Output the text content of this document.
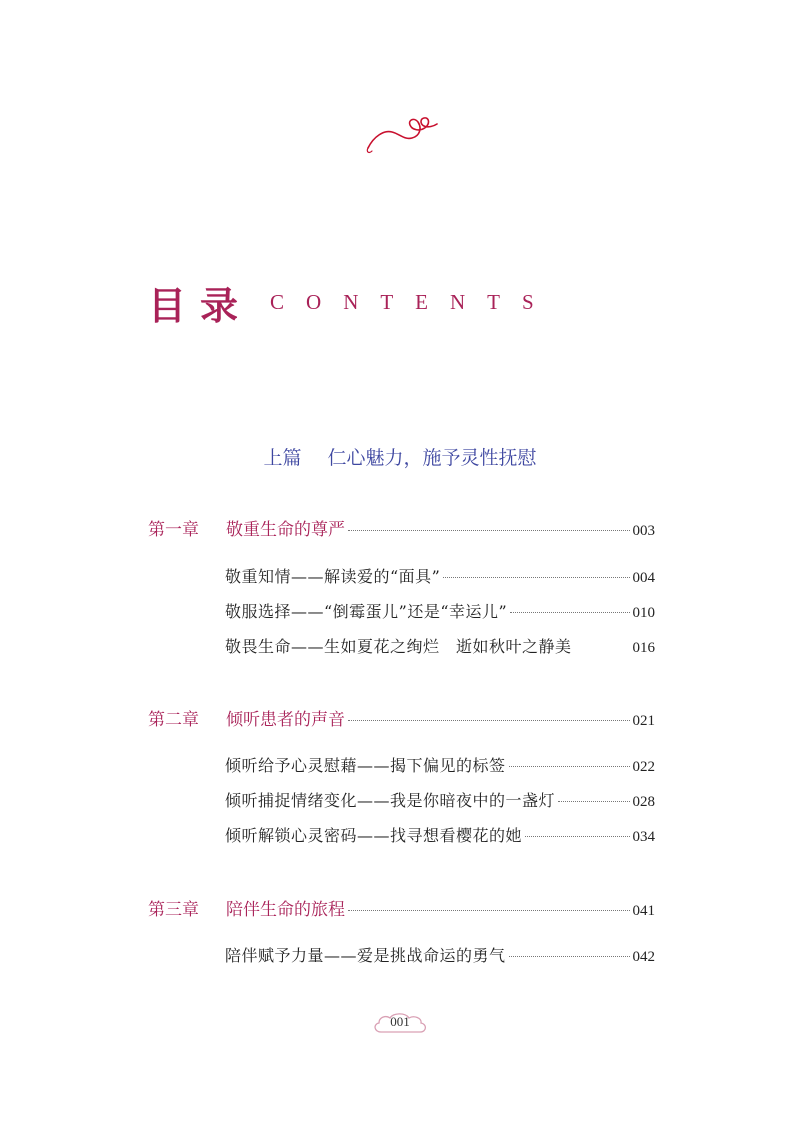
目录 CONTENTS
上篇 仁心魅力，施予灵性抚慰
第一章	敬重生命的尊严	003
敬重知情——解读爱的“面具”	004
敬服选择——“倒霉蛋儿”还是“幸运儿”	010
敬畏生命——生如夏花之绚烂　逝如秋叶之静美	016
第二章	倾听患者的声音	021
倾听给予心灵慰藉——揭下偏见的标签	022
倾听捕捉情绪变化——我是你暗夜中的一盏灯	028
倾听解锁心灵密码——找寻想看樱花的她	034
第三章	陪伴生命的旅程	041
陪伴赋予力量——爱是挑战命运的勇气	042
001
